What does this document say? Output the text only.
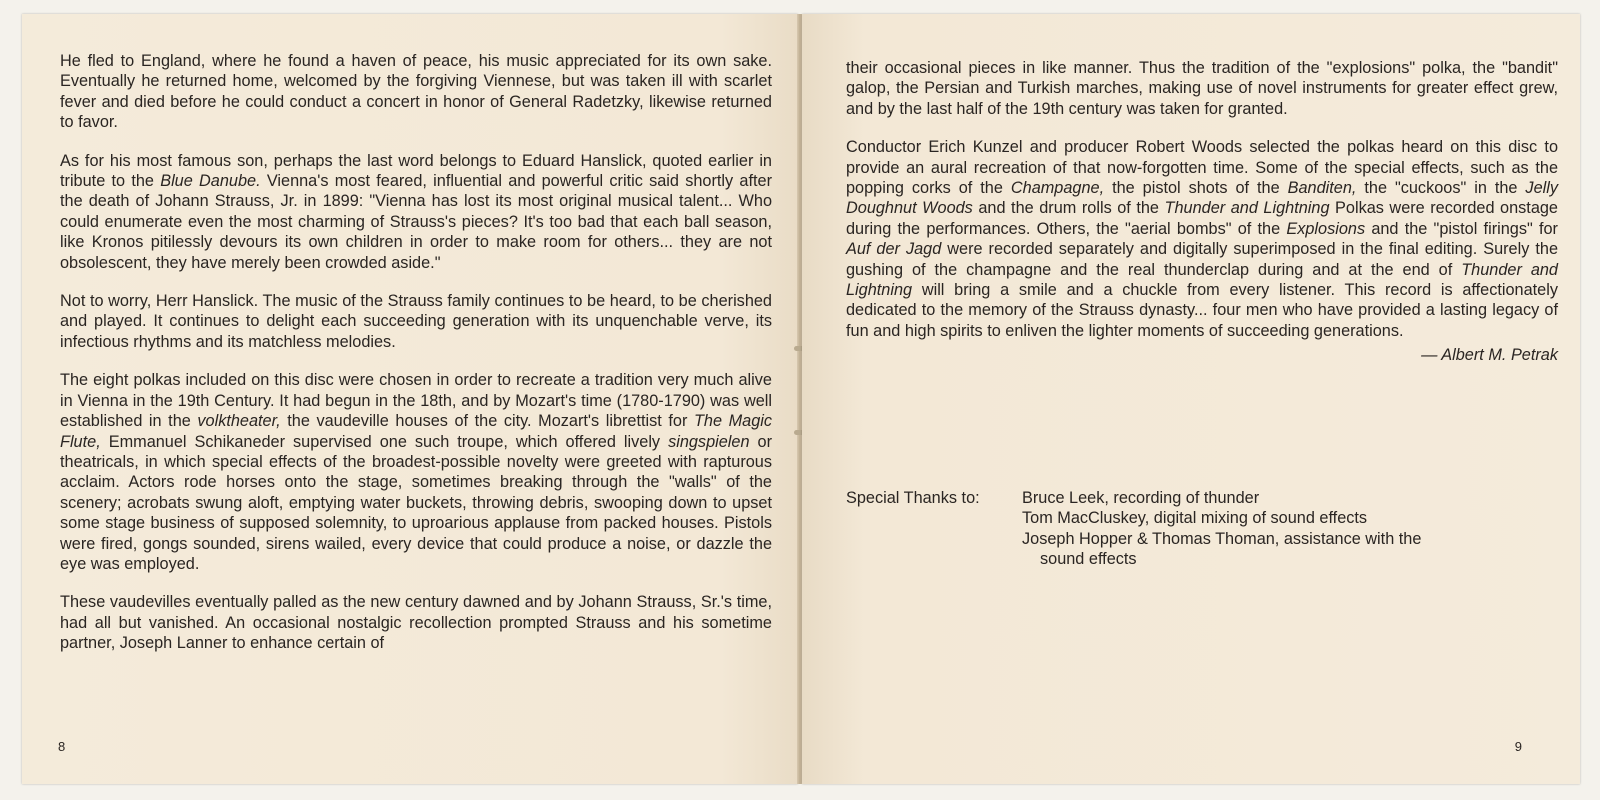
He fled to England, where he found a haven of peace, his music appreciated for its own sake. Eventually he returned home, welcomed by the forgiving Viennese, but was taken ill with scarlet fever and died before he could conduct a concert in honor of General Radetzky, likewise returned to favor.

As for his most famous son, perhaps the last word belongs to Eduard Hanslick, quoted earlier in tribute to the Blue Danube. Vienna's most feared, influential and powerful critic said shortly after the death of Johann Strauss, Jr. in 1899: "Vienna has lost its most original musical talent... Who could enumerate even the most charming of Strauss's pieces? It's too bad that each ball season, like Kronos pitilessly devours its own children in order to make room for others... they are not obsolescent, they have merely been crowded aside."

Not to worry, Herr Hanslick. The music of the Strauss family continues to be heard, to be cherished and played. It continues to delight each succeeding generation with its unquenchable verve, its infectious rhythms and its matchless melodies.

The eight polkas included on this disc were chosen in order to recreate a tradition very much alive in Vienna in the 19th Century. It had begun in the 18th, and by Mozart's time (1780-1790) was well established in the volktheater, the vaudeville houses of the city. Mozart's librettist for The Magic Flute, Emmanuel Schikaneder supervised one such troupe, which offered lively singspielen or theatricals, in which special effects of the broadest-possible novelty were greeted with rapturous acclaim. Actors rode horses onto the stage, sometimes breaking through the "walls" of the scenery; acrobats swung aloft, emptying water buckets, throwing debris, swooping down to upset some stage business of supposed solemnity, to uproarious applause from packed houses. Pistols were fired, gongs sounded, sirens wailed, every device that could produce a noise, or dazzle the eye was employed.

These vaudevilles eventually palled as the new century dawned and by Johann Strauss, Sr.'s time, had all but vanished. An occasional nostalgic recollection prompted Strauss and his sometime partner, Joseph Lanner to enhance certain of

8

their occasional pieces in like manner. Thus the tradition of the "explosions" polka, the "bandit" galop, the Persian and Turkish marches, making use of novel instruments for greater effect grew, and by the last half of the 19th century was taken for granted.

Conductor Erich Kunzel and producer Robert Woods selected the polkas heard on this disc to provide an aural recreation of that now-forgotten time. Some of the special effects, such as the popping corks of the Champagne, the pistol shots of the Banditen, the "cuckoos" in the Jelly Doughnut Woods and the drum rolls of the Thunder and Lightning Polkas were recorded onstage during the performances. Others, the "aerial bombs" of the Explosions and the "pistol firings" for Auf der Jagd were recorded separately and digitally superimposed in the final editing. Surely the gushing of the champagne and the real thunderclap during and at the end of Thunder and Lightning will bring a smile and a chuckle from every listener. This record is affectionately dedicated to the memory of the Strauss dynasty... four men who have provided a lasting legacy of fun and high spirits to enliven the lighter moments of succeeding generations.

— Albert M. Petrak

Special Thanks to:	Bruce Leek, recording of thunder
Tom MacCluskey, digital mixing of sound effects
Joseph Hopper & Thomas Thoman, assistance with the
sound effects
9
